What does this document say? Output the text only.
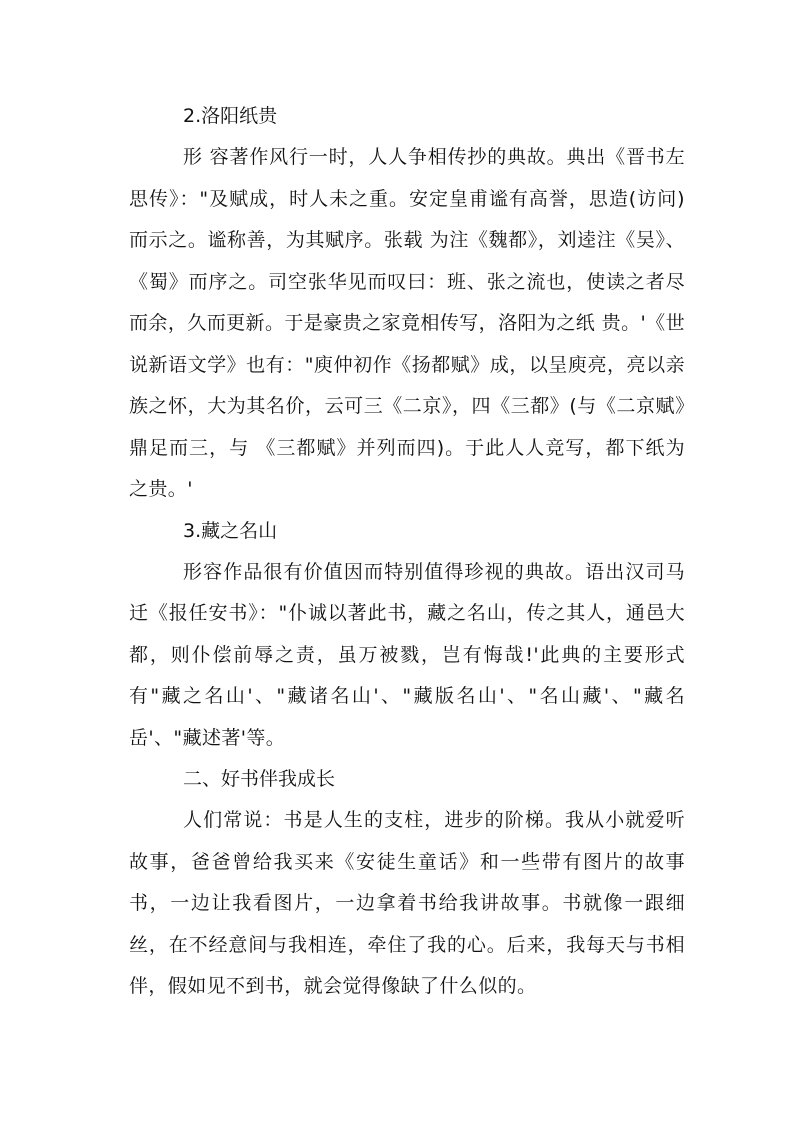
2.洛阳纸贵

形 容著作风行一时，人人争相传抄的典故。典出《晋书左思传》："及赋成，时人未之重。安定皇甫谧有高誉，思造(访问)而示之。谧称善，为其赋序。张载 为注《魏都》，刘逵注《吴》、《蜀》而序之。司空张华见而叹曰：班、张之流也，使读之者尽而余，久而更新。于是豪贵之家竟相传写，洛阳为之纸 贵。'《世说新语文学》也有："庾仲初作《扬都赋》成，以呈庾亮，亮以亲族之怀，大为其名价，云可三《二京》，四《三都》(与《二京赋》鼎足而三，与 《三都赋》并列而四)。于此人人竞写，都下纸为之贵。'

3.藏之名山

形容作品很有价值因而特别值得珍视的典故。语出汉司马迁《报任安书》："仆诚以著此书，藏之名山，传之其人，通邑大都，则仆偿前辱之责，虽万被戮，岂有悔哉!'此典的主要形式有"藏之名山'、"藏诸名山'、"藏版名山'、"名山藏'、"藏名岳'、"藏述著'等。

二、好书伴我成长

人们常说：书是人生的支柱，进步的阶梯。我从小就爱听故事，爸爸曾给我买来《安徒生童话》和一些带有图片的故事书，一边让我看图片，一边拿着书给我讲故事。书就像一跟细丝，在不经意间与我相连，牵住了我的心。后来，我每天与书相伴，假如见不到书，就会觉得像缺了什么似的。
